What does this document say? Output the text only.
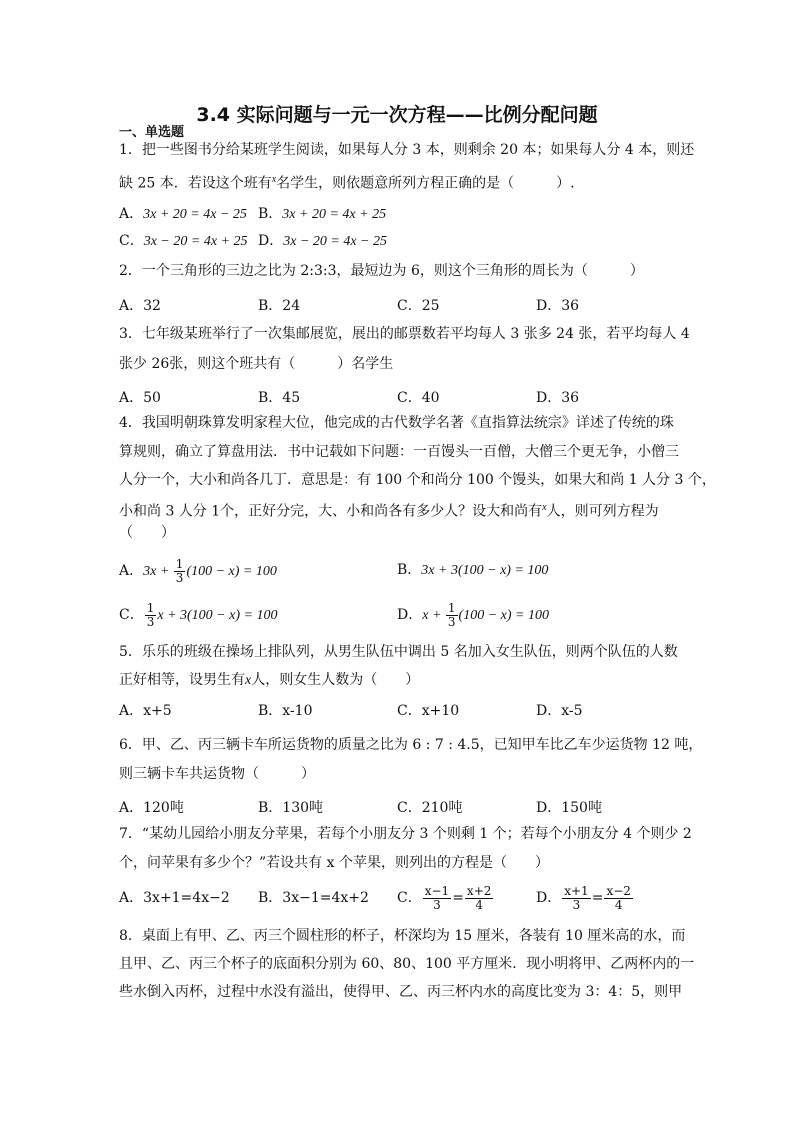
3.4 实际问题与一元一次方程——比例分配问题
一、单选题
1．把一些图书分给某班学生阅读，如果每人分 3 本，则剩余 20 本；如果每人分 4 本，则还
缺 25 本．若设这个班有$^x$名学生，则依题意所列方程正确的是（　　　）.
A．3x + 20 = 4x − 25 B．3x + 20 = 4x + 25
C．3x − 20 = 4x + 25 D．3x − 20 = 4x − 25
2．一个三角形的三边之比为 2:3:3，最短边为 6，则这个三角形的周长为（　　　）
A．32	B．24	C．25	D．36
3．七年级某班举行了一次集邮展览，展出的邮票数若平均每人 3 张多 24 张，若平均每人 4
张少 26张，则这个班共有（　　　）名学生
A．50	B．45	C．40	D．36
4．我国明朝珠算发明家程大位，他完成的古代数学名著《直指算法统宗》详述了传统的珠
算规则，确立了算盘用法．书中记载如下问题：一百馒头一百僧，大僧三个更无争，小僧三
人分一个，大小和尚各几丁．意思是：有 100 个和尚分 100 个馒头，如果大和尚 1 人分 3 个，
小和尚 3 人分 1个，正好分完，大、小和尚各有多少人？设大和尚有$^x$人，则可列方程为
（　　）
A．$3x + \frac{1}{3} (100 - x) = 100$	B．3x + 3(100 − x) = 100
C． $\frac{1}{3}$ x + 3(100 − x) = 100	D．$x + \frac{1}{3} (100 - x) = 100$
5．乐乐的班级在操场上排队列，从男生队伍中调出 5 名加入女生队伍，则两个队伍的人数
正好相等，设男生有x人，则女生人数为（　　）
A．x+5	B．x-10	C．x+10	D．x-5
6．甲、乙、丙三辆卡车所运货物的质量之比为 6 : 7 : 4.5，已知甲车比乙车少运货物 12 吨，
则三辆卡车共运货物（　　　）
A．120吨	B．130吨	C．210吨	D．150吨
7．“某幼儿园给小朋友分苹果，若每个小朋友分 3 个则剩 1 个；若每个小朋友分 4 个则少 2
个，问苹果有多少个？”若设共有 x 个苹果，则列出的方程是（　　）
A．3x+1=4x−2 B．3x−1=4x+2 C． $\frac{x-1}{3} = \frac{x+2}{4}$	D． $\frac{x+1}{3} = \frac{x-2}{4}$
8．桌面上有甲、乙、丙三个圆柱形的杯子，杯深均为 15 厘米，各装有 10 厘米高的水，而
且甲、乙、丙三个杯子的底面积分别为 60、80、100 平方厘米．现小明将甲、乙两杯内的一
些水倒入丙杯，过程中水没有溢出，使得甲、乙、丙三杯内水的高度比变为 3：4：5，则甲
